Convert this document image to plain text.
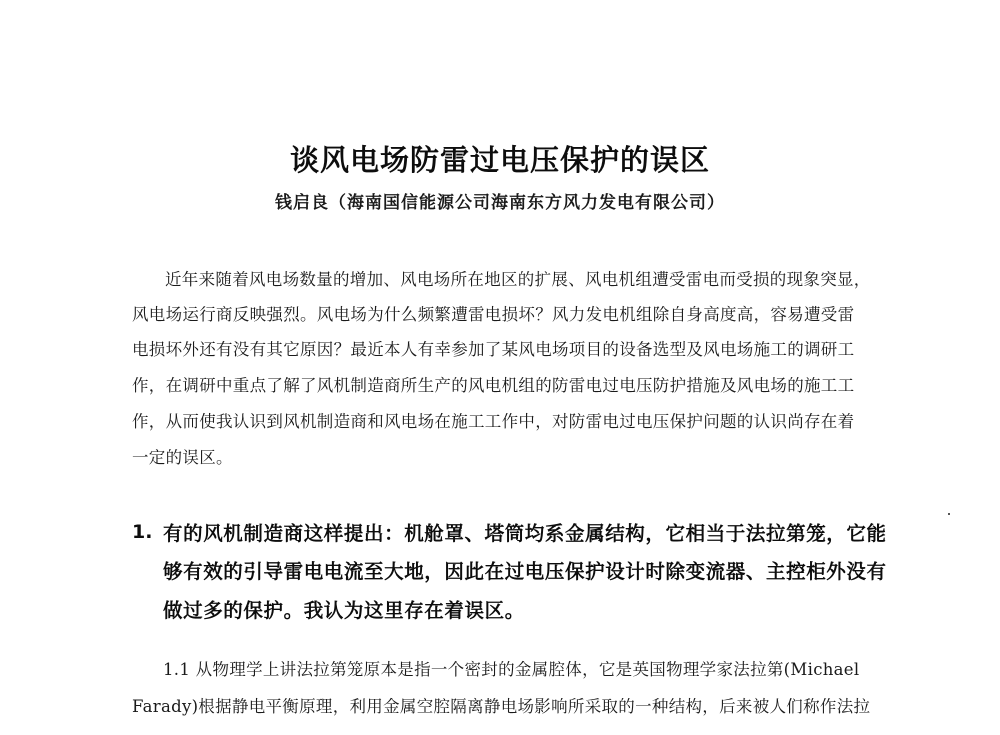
谈风电场防雷过电压保护的误区
钱启良（海南国信能源公司海南东方风力发电有限公司）
近年来随着风电场数量的增加、风电场所在地区的扩展、风电机组遭受雷电而受损的现象突显，
风电场运行商反映强烈。风电场为什么频繁遭雷电损坏？风力发电机组除自身高度高，容易遭受雷
电损坏外还有没有其它原因？最近本人有幸参加了某风电场项目的设备选型及风电场施工的调研工
作，在调研中重点了解了风机制造商所生产的风电机组的防雷电过电压防护措施及风电场的施工工
作，从而使我认识到风机制造商和风电场在施工工作中，对防雷电过电压保护问题的认识尚存在着
一定的误区。
1. 有的风机制造商这样提出：机舱罩、塔筒均系金属结构，它相当于法拉第笼，它能
够有效的引导雷电电流至大地，因此在过电压保护设计时除变流器、主控柜外没有
做过多的保护。我认为这里存在着误区。
1.1 从物理学上讲法拉第笼原本是指一个密封的金属腔体，它是英国物理学家法拉第(Michael
Farady)根据静电平衡原理，利用金属空腔隔离静电场影响所采取的一种结构，后来被人们称作法拉
